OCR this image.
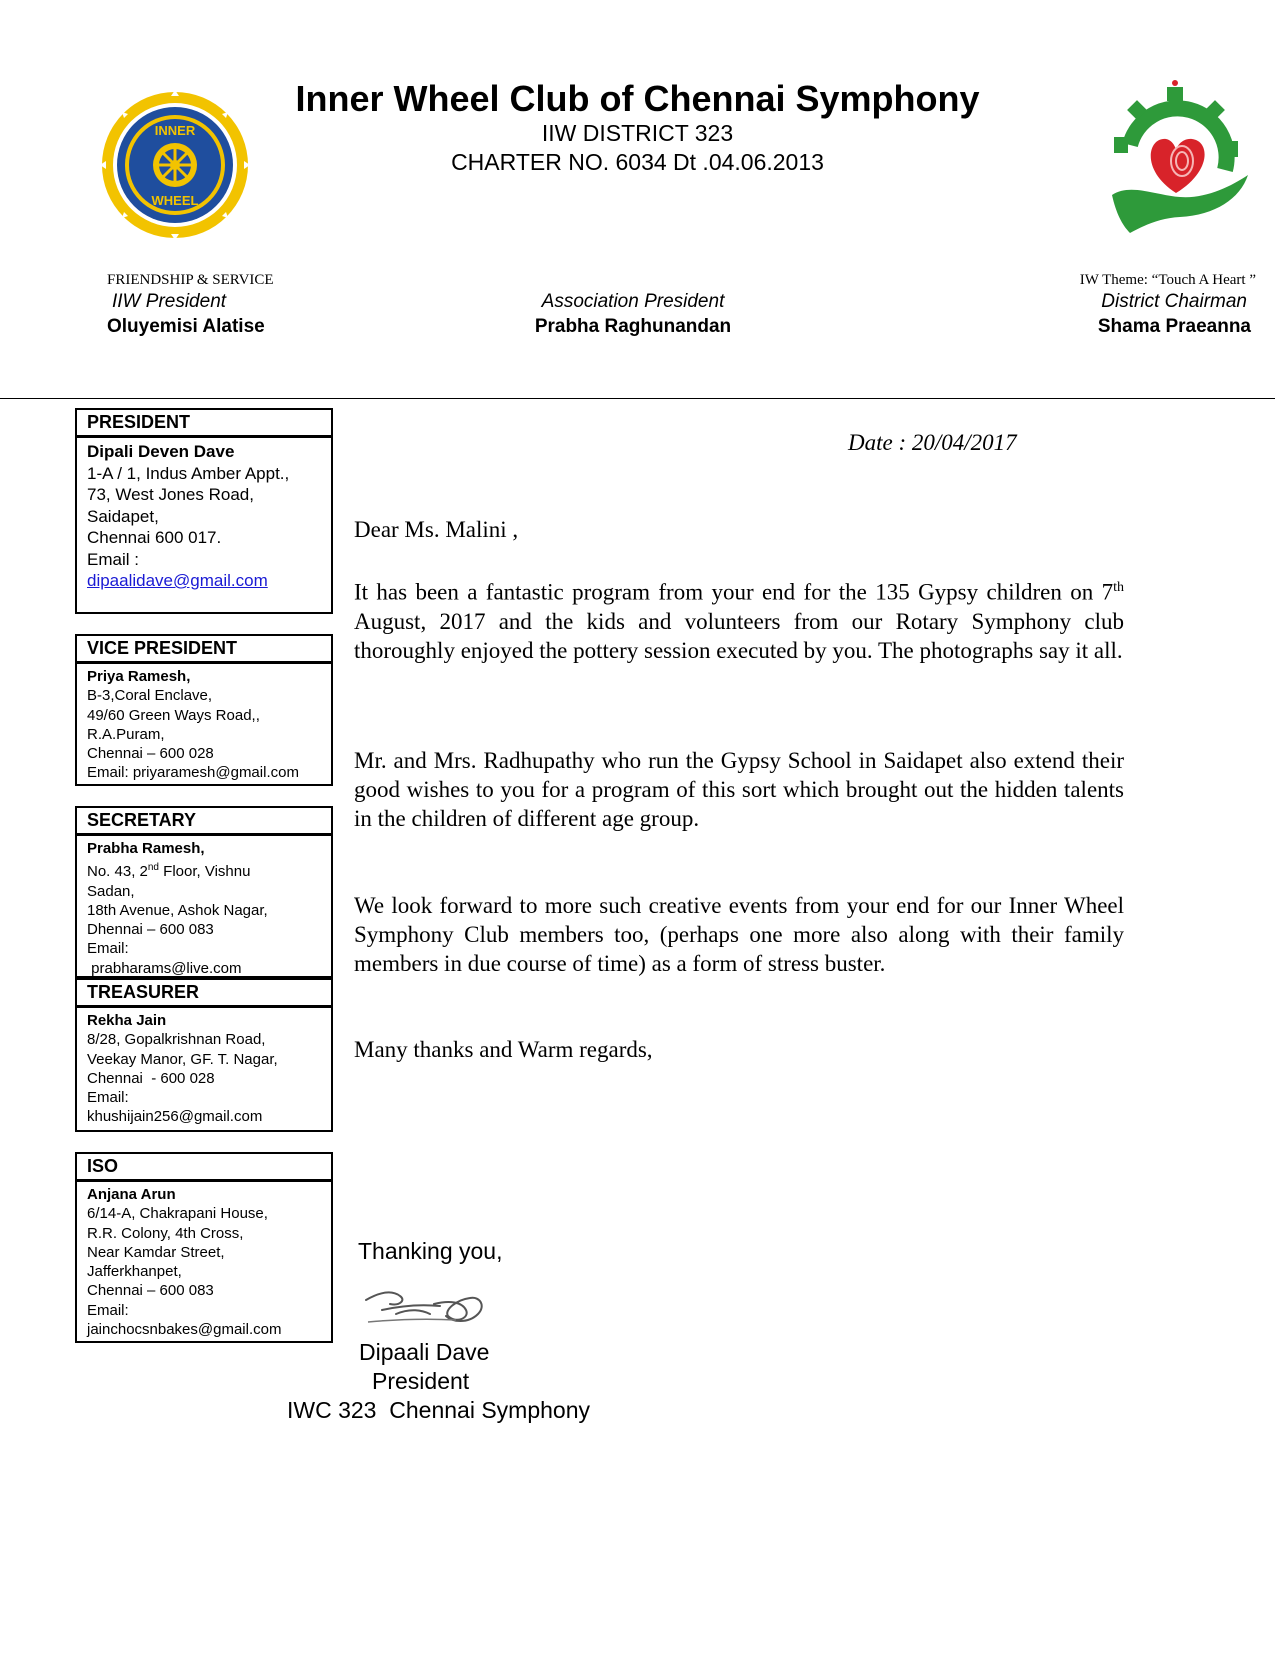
Inner Wheel Club of Chennai Symphony
IIW DISTRICT 323
CHARTER NO. 6034 Dt .04.06.2013
INNER
WHEEL
FRIENDSHIP & SERVICE	IW Theme: “Touch A Heart ”
IIW President
Oluyemisi Alatise
Association President
Prabha Raghunandan
District Chairman
Shama Praeanna
PRESIDENT
Dipali Deven Dave
1-A / 1, Indus Amber Appt.,
73, West Jones Road,
Saidapet,
Chennai 600 017.
Email :
dipaalidave@gmail.com
VICE PRESIDENT
Priya Ramesh,
B-3,Coral Enclave,
49/60 Green Ways Road,,
R.A.Puram,
Chennai – 600 028
Email: priyaramesh@gmail.com
SECRETARY
Prabha Ramesh,
No. 43, 2nd Floor, Vishnu
Sadan,
18th Avenue, Ashok Nagar,
Dhennai – 600 083
Email:
prabharams@live.com
TREASURER
Rekha Jain
8/28, Gopalkrishnan Road,
Veekay Manor, GF. T. Nagar,
Chennai  - 600 028
Email:
khushijain256@gmail.com
ISO
Anjana Arun
6/14-A, Chakrapani House,
R.R. Colony, 4th Cross,
Near Kamdar Street,
Jafferkhanpet,
Chennai – 600 083
Email:
jainchocsnbakes@gmail.com
Date : 20/04/2017
Dear Ms. Malini ,
It has been a fantastic program from your end for the 135 Gypsy children on 7th August, 2017 and the kids and volunteers from our Rotary Symphony club thoroughly enjoyed the pottery session executed by you. The photographs say it all.
Mr. and Mrs. Radhupathy who run the Gypsy School in Saidapet also extend their good wishes to you for a program of this sort which brought out the hidden talents in the children of different age group.
We look forward to more such creative events from your end for our Inner Wheel Symphony Club members too, (perhaps one more also along with their family members in due course of time) as a form of stress buster.
Many thanks and Warm regards,
Thanking you,
Dipaali Dave
President
IWC 323  Chennai Symphony
